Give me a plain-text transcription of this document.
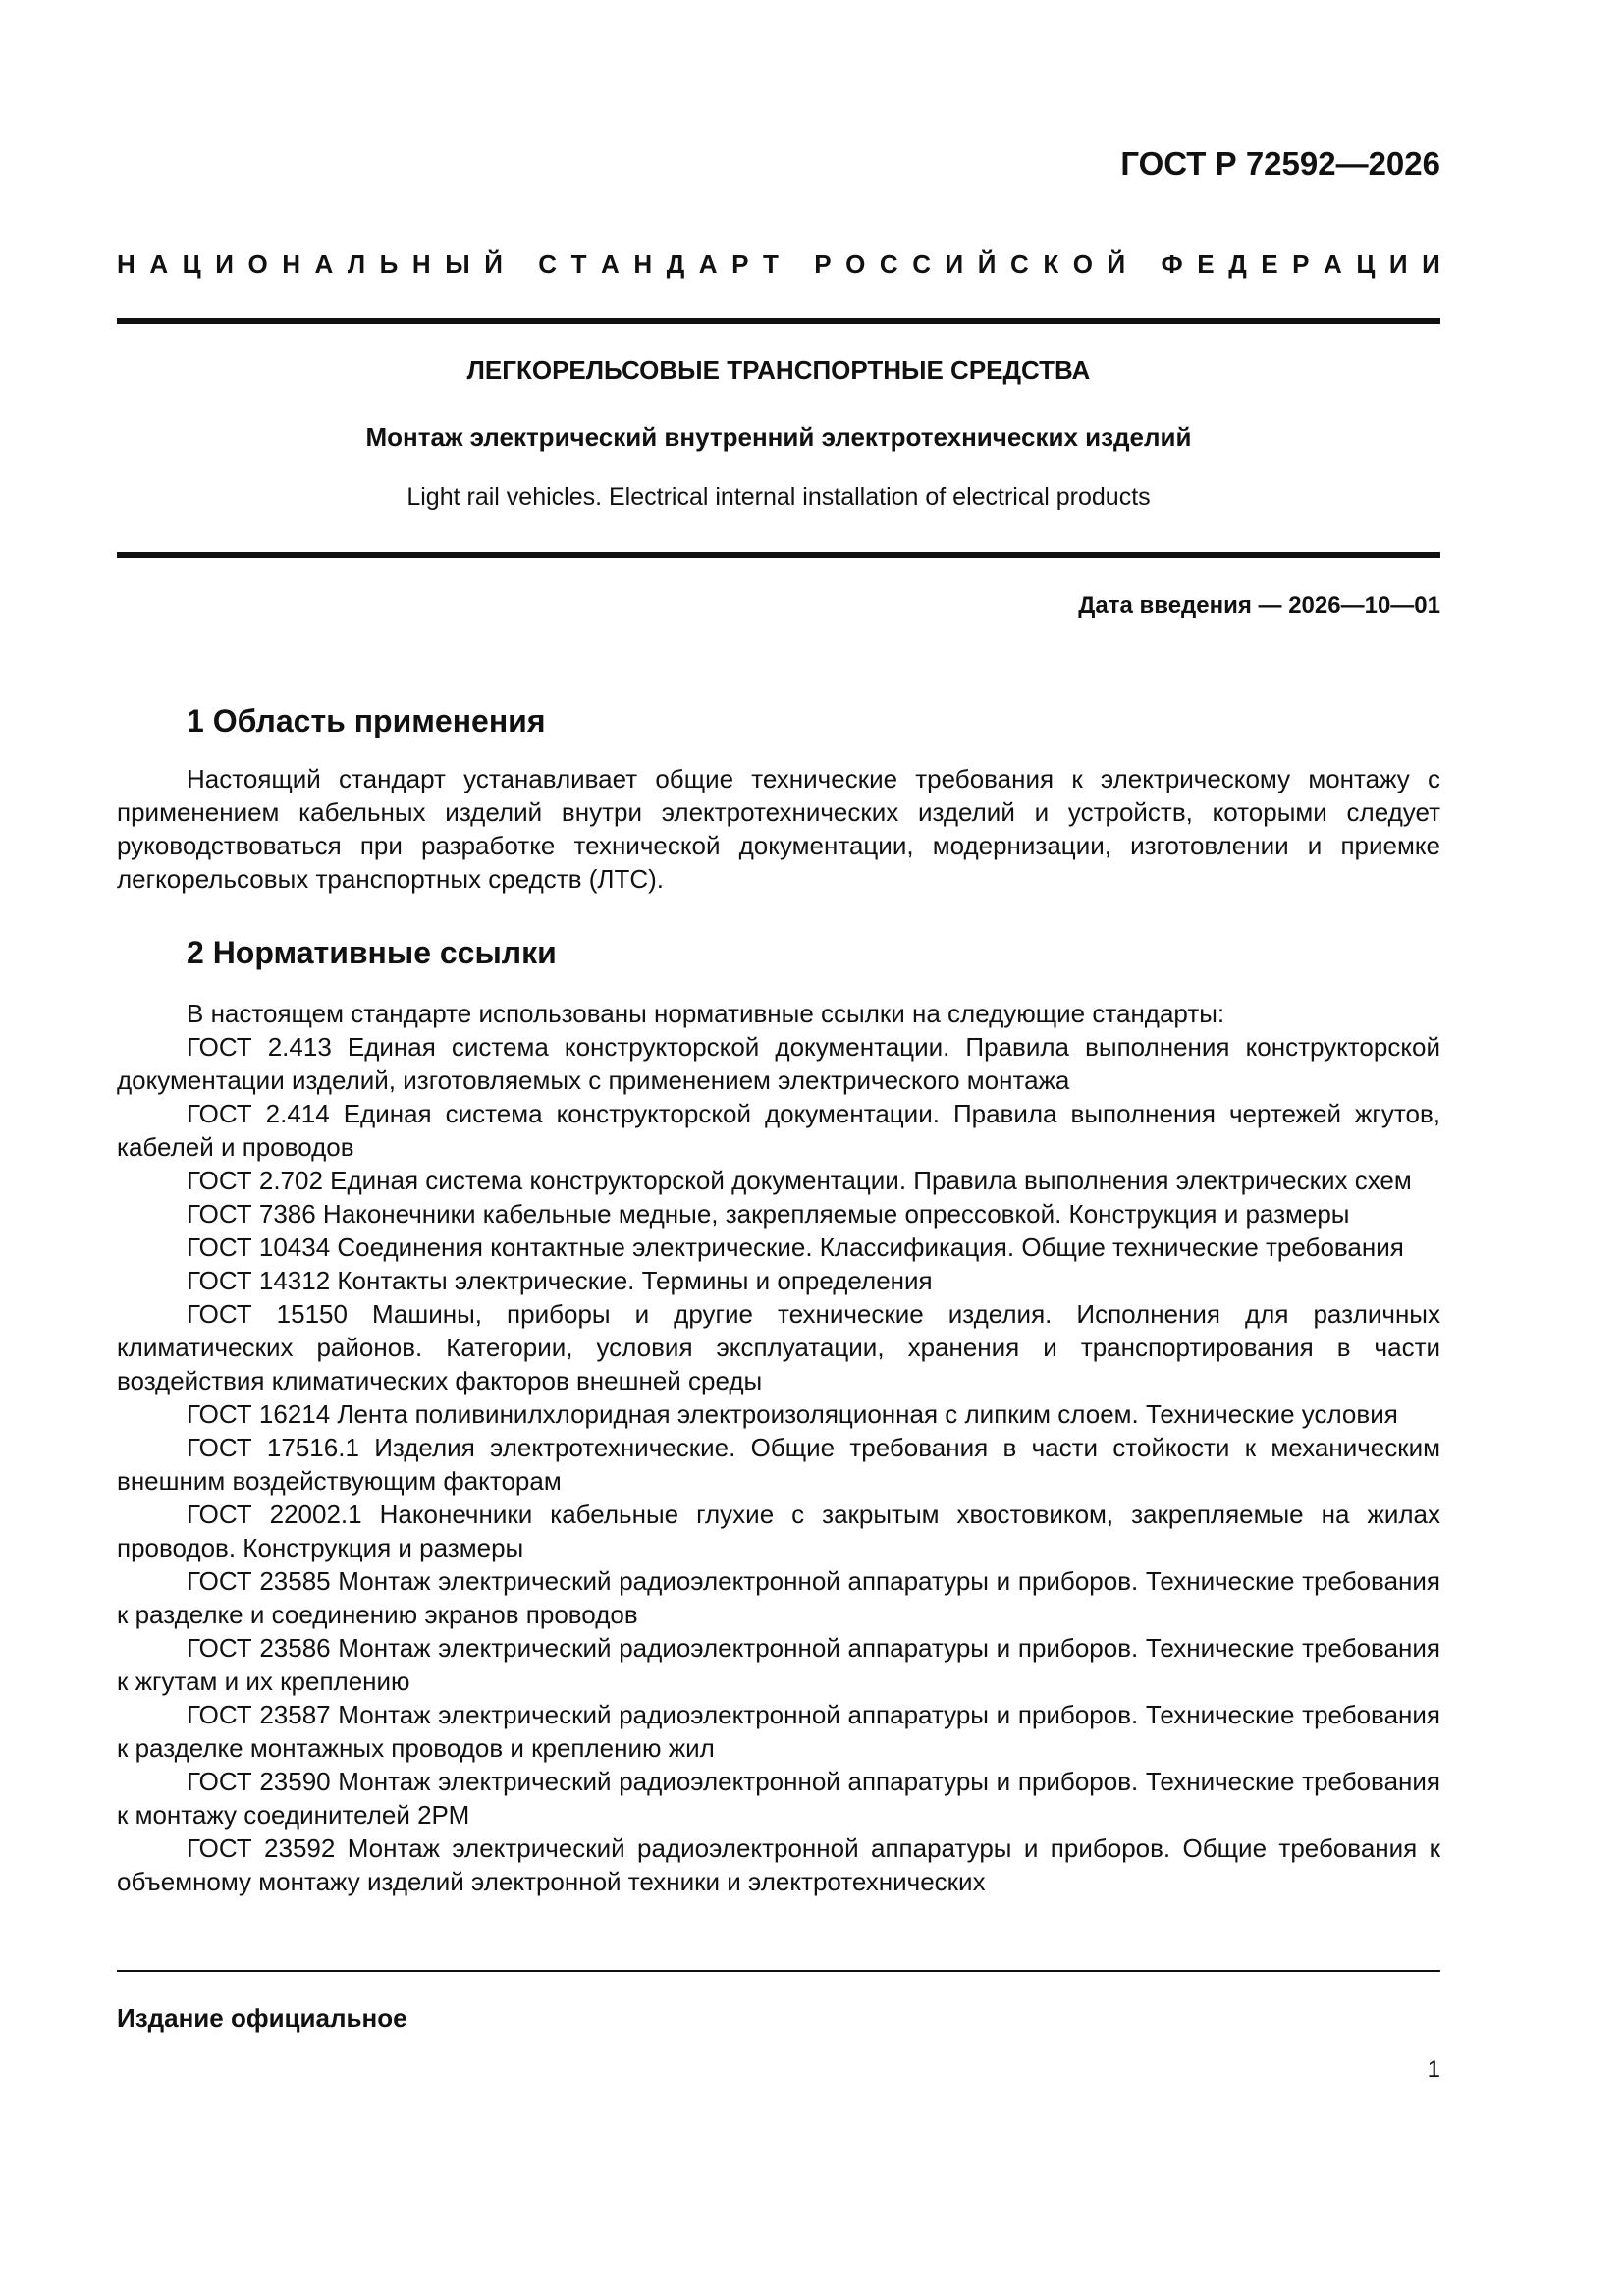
ГОСТ Р 72592—2026
Н А Ц И О Н А Л Ь Н Ы Й
С Т А Н Д А Р Т
Р О С С И Й С К О Й
Ф Е Д Е Р А Ц И И
ЛЕГКОРЕЛЬСОВЫЕ ТРАНСПОРТНЫЕ СРЕДСТВА
Монтаж электрический внутренний электротехнических изделий
Light rail vehicles. Electrical internal installation of electrical products
Дата введения — 2026—10—01
1 Область применения

Настоящий стандарт устанавливает общие технические требования к электрическому монтажу с применением кабельных изделий внутри электротехнических изделий и устройств, которыми следует руководствоваться при разработке технической документации, модернизации, изготовлении и приемке легкорельсовых транспортных средств (ЛТС).

2 Нормативные ссылки

В настоящем стандарте использованы нормативные ссылки на следующие стандарты:

ГОСТ 2.413 Единая система конструкторской документации. Правила выполнения конструкторской документации изделий, изготовляемых с применением электрического монтажа

ГОСТ 2.414 Единая система конструкторской документации. Правила выполнения чертежей жгутов, кабелей и проводов

ГОСТ 2.702 Единая система конструкторской документации. Правила выполнения электрических схем

ГОСТ 7386 Наконечники кабельные медные, закрепляемые опрессовкой. Конструкция и размеры

ГОСТ 10434 Соединения контактные электрические. Классификация. Общие технические требования

ГОСТ 14312 Контакты электрические. Термины и определения

ГОСТ 15150 Машины, приборы и другие технические изделия. Исполнения для различных климатических районов. Категории, условия эксплуатации, хранения и транспортирования в части воздействия климатических факторов внешней среды

ГОСТ 16214 Лента поливинилхлоридная электроизоляционная с липким слоем. Технические условия

ГОСТ 17516.1 Изделия электротехнические. Общие требования в части стойкости к механическим внешним воздействующим факторам

ГОСТ 22002.1 Наконечники кабельные глухие с закрытым хвостовиком, закрепляемые на жилах проводов. Конструкция и размеры

ГОСТ 23585 Монтаж электрический радиоэлектронной аппаратуры и приборов. Технические требования к разделке и соединению экранов проводов

ГОСТ 23586 Монтаж электрический радиоэлектронной аппаратуры и приборов. Технические требования к жгутам и их креплению

ГОСТ 23587 Монтаж электрический радиоэлектронной аппаратуры и приборов. Технические требования к разделке монтажных проводов и креплению жил

ГОСТ 23590 Монтаж электрический радиоэлектронной аппаратуры и приборов. Технические требования к монтажу соединителей 2РМ

ГОСТ 23592 Монтаж электрический радиоэлектронной аппаратуры и приборов. Общие требования к объемному монтажу изделий электронной техники и электротехнических

Издание официальное
1
